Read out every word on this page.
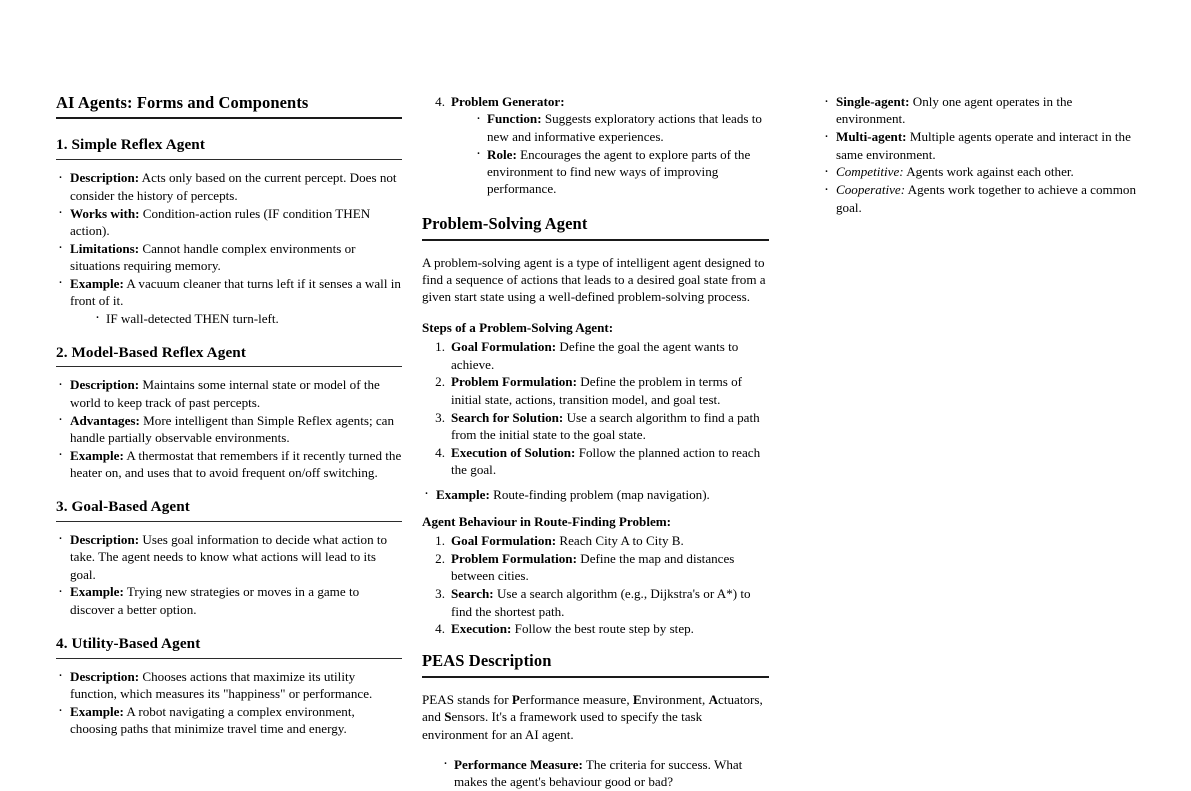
AI Agents: Forms and Components
1. Simple Reflex Agent
· Description: Acts only based on the current percept. Does not consider the history of percepts.
· Works with: Condition-action rules (IF condition THEN action).
· Limitations: Cannot handle complex environments or situations requiring memory.
· Example: A vacuum cleaner that turns left if it senses a wall in front of it.
· IF wall-detected THEN turn-left.
2. Model-Based Reflex Agent
· Description: Maintains some internal state or model of the world to keep track of past percepts.
· Advantages: More intelligent than Simple Reflex agents; can handle partially observable environments.
· Example: A thermostat that remembers if it recently turned the heater on, and uses that to avoid frequent on/off switching.
3. Goal-Based Agent
· Description: Uses goal information to decide what action to take. The agent needs to know what actions will lead to its goal.
· Example: Trying new strategies or moves in a game to discover a better option.
4. Utility-Based Agent
· Description: Chooses actions that maximize its utility function, which measures its "happiness" or performance.
· Example: A robot navigating a complex environment, choosing paths that minimize travel time and energy.
Problem Generator:
· Function: Suggests exploratory actions that leads to new and informative experiences.
· Role: Encourages the agent to explore parts of the environment to find new ways of improving performance.
Problem-Solving Agent

A problem-solving agent is a type of intelligent agent designed to find a sequence of actions that leads to a desired goal state from a given start state using a well-defined problem-solving process.

Steps of a Problem-Solving Agent:
Goal Formulation: Define the goal the agent wants to achieve.
Problem Formulation: Define the problem in terms of initial state, actions, transition model, and goal test.
Search for Solution: Use a search algorithm to find a path from the initial state to the goal state.
Execution of Solution: Follow the planned action to reach the goal.
· Example: Route-finding problem (map navigation).
Agent Behaviour in Route-Finding Problem:
Goal Formulation: Reach City A to City B.
Problem Formulation: Define the map and distances between cities.
Search: Use a search algorithm (e.g., Dijkstra's or A*) to find the shortest path.
Execution: Follow the best route step by step.
PEAS Description

PEAS stands for Performance measure, Environment, Actuators, and Sensors. It's a framework used to specify the task environment for an AI agent.

· Performance Measure: The criteria for success. What makes the agent's behaviour good or bad?
· Single-agent: Only one agent operates in the environment.
· Multi-agent: Multiple agents operate and interact in the same environment.
· Competitive: Agents work against each other.
· Cooperative: Agents work together to achieve a common goal.
